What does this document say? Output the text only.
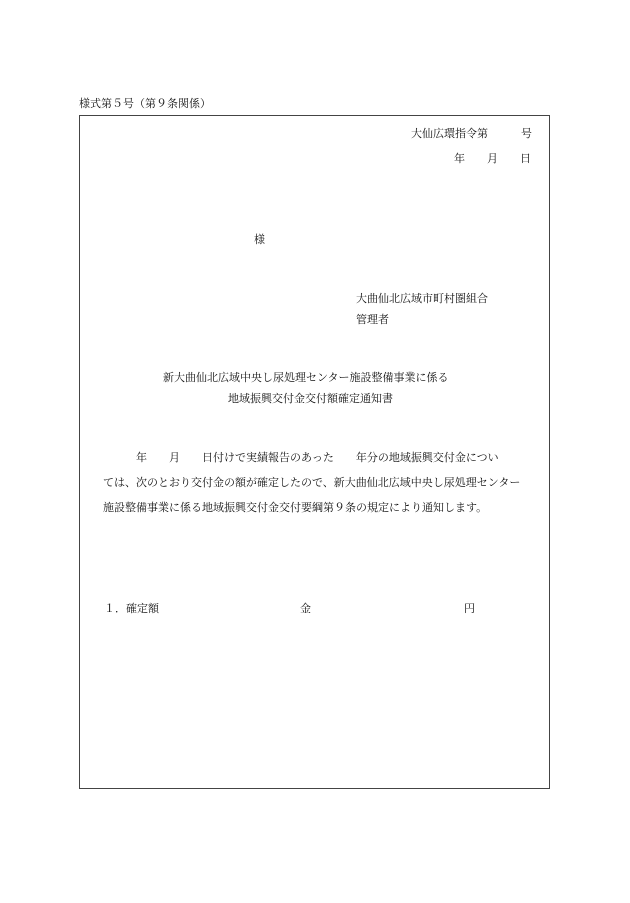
様式第５号（第９条関係）
大仙広環指令第　　　号
年　　月　　日
様
大曲仙北広域市町村圏組合
管理者
新大曲仙北広域中央し尿処理センター施設整備事業に係る
地域振興交付金交付額確定通知書
　　　年　　月　　日付けで実績報告のあった　　年分の地域振興交付金につい
ては、次のとおり交付金の額が確定したので、新大曲仙北広域中央し尿処理センター
施設整備事業に係る地域振興交付金交付要綱第９条の規定により通知します。
１．確定額	金	円
